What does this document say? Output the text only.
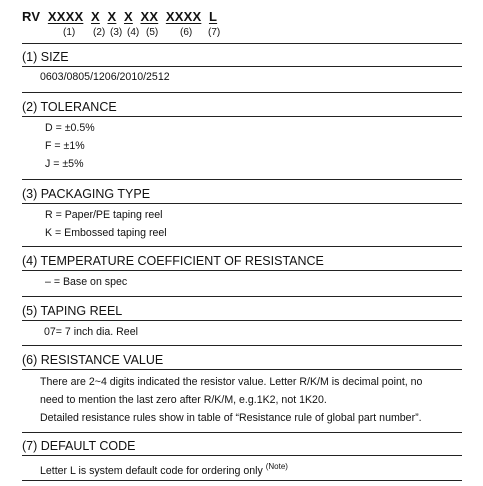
RV XXXX X X X XX XXXX L
(1) (2) (3) (4) (5) (6) (7)
(1) SIZE
0603/0805/1206/2010/2512
(2) TOLERANCE
D = ±0.5%
F = ±1%
J = ±5%
(3) PACKAGING TYPE
R = Paper/PE taping reel
K = Embossed taping reel
(4) TEMPERATURE COEFFICIENT OF RESISTANCE
– = Base on spec
(5) TAPING REEL
07= 7 inch dia. Reel
(6) RESISTANCE VALUE
There are 2~4 digits indicated the resistor value. Letter R/K/M is decimal point, no
need to mention the last zero after R/K/M, e.g.1K2, not 1K20.
Detailed resistance rules show in table of “Resistance rule of global part number”.
(7) DEFAULT CODE
Letter L is system default code for ordering only $^{(Note)}$
